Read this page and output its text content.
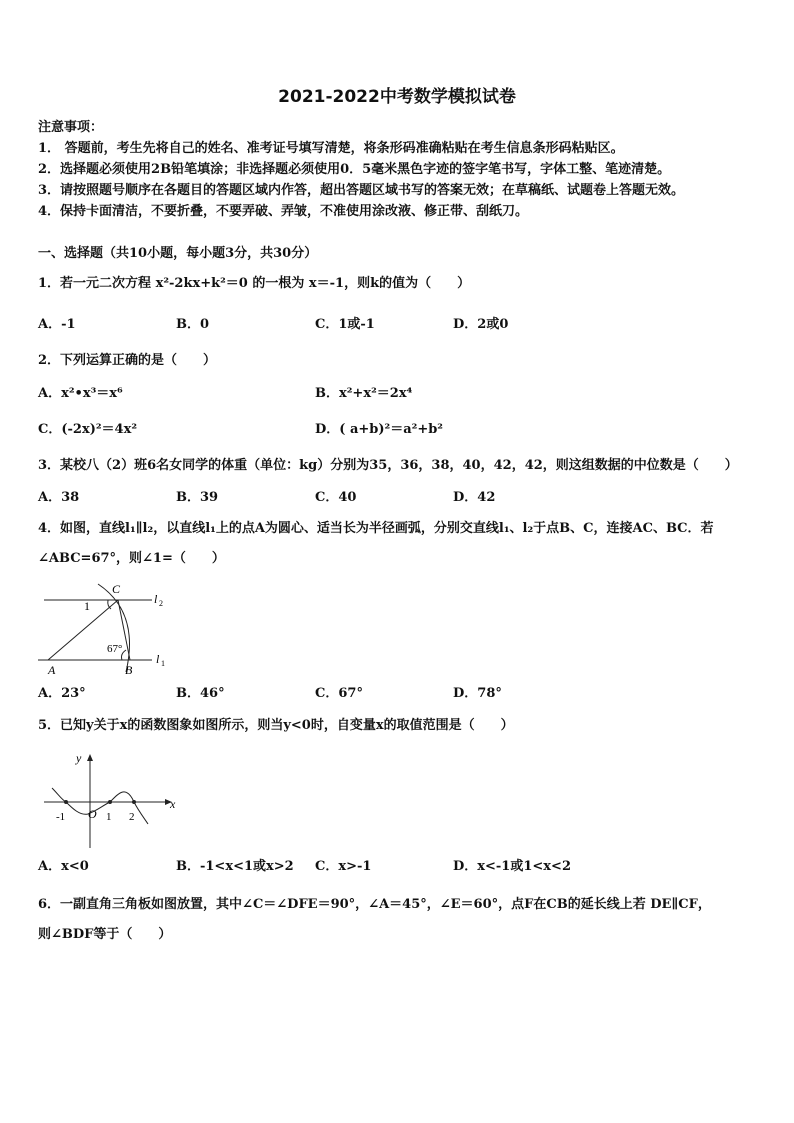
2021-2022中考数学模拟试卷
注意事项：
1． 答题前，考生先将自己的姓名、准考证号填写清楚，将条形码准确粘贴在考生信息条形码粘贴区。
2．选择题必须使用2B铅笔填涂；非选择题必须使用0．5毫米黑色字迹的签字笔书写，字体工整、笔迹清楚。
3．请按照题号顺序在各题目的答题区域内作答，超出答题区域书写的答案无效；在草稿纸、试题卷上答题无效。
4．保持卡面清洁，不要折叠，不要弄破、弄皱，不准使用涂改液、修正带、刮纸刀。
一、选择题（共10小题，每小题3分，共30分）
1．若一元二次方程 x²-2kx+k²＝0 的一根为 x＝-1，则k的值为（　　）
A．-1	B．0	C．1或-1	D．2或0
2．下列运算正确的是（　　）
A．x²•x³＝x⁶	B．x²+x²＝2x⁴
C．(-2x)²＝4x²	D．( a+b)²＝a²+b²
3．某校八（2）班6名女同学的体重（单位：kg）分别为35，36，38，40，42，42，则这组数据的中位数是（　　）
A．38	B．39	C．40	D．42
4．如图，直线l₁∥l₂，以直线l₁上的点A为圆心、适当长为半径画弧，分别交直线l₁、l₂于点B、C，连接AC、BC．若
∠ABC=67°，则∠1=（　　）
C
l 2
1
67°
A	B
l 1
A．23°	B．46°	C．67°	D．78°
5．已知y关于x的函数图象如图所示，则当y<0时，自变量x的取值范围是（　　）
y
x
O
-1	1 2
A．x<0	B．-1<x<1或x>2 C．x>-1	D．x<-1或1<x<2
6．一副直角三角板如图放置，其中∠C＝∠DFE＝90°，∠A＝45°，∠E＝60°，点F在CB的延长线上若 DE∥CF，
则∠BDF等于（　　）
